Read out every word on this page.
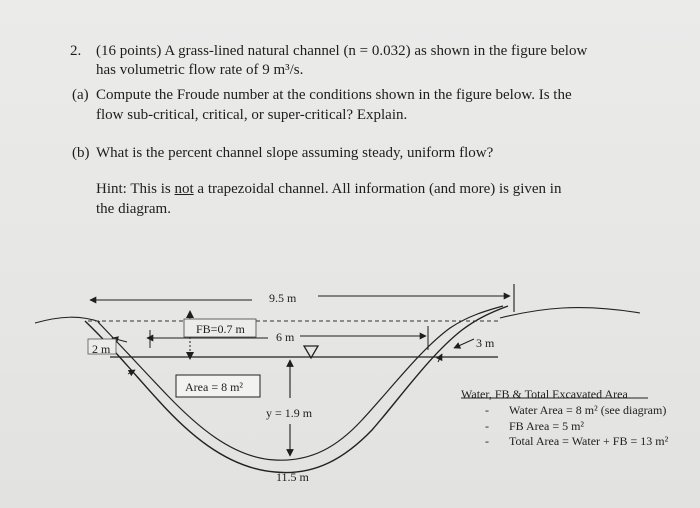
2. (16 points) A grass-lined natural channel (n = 0.032) as shown in the figure below
has volumetric flow rate of 9 m³/s.
(a) Compute the Froude number at the conditions shown in the figure below. Is the
flow sub-critical, critical, or super-critical? Explain.
(b) What is the percent channel slope assuming steady, uniform flow?
Hint: This is not a trapezoidal channel. All information (and more) is given in
the diagram.
9.5 m
6 m
FB=0.7 m
2 m	3 m
Area = 8 m²
y = 1.9 m
11.5 m
Water, FB & Total Excavated Area
- Water Area = 8 m² (see diagram)
- FB Area = 5 m²
- Total Area = Water + FB = 13 m²
